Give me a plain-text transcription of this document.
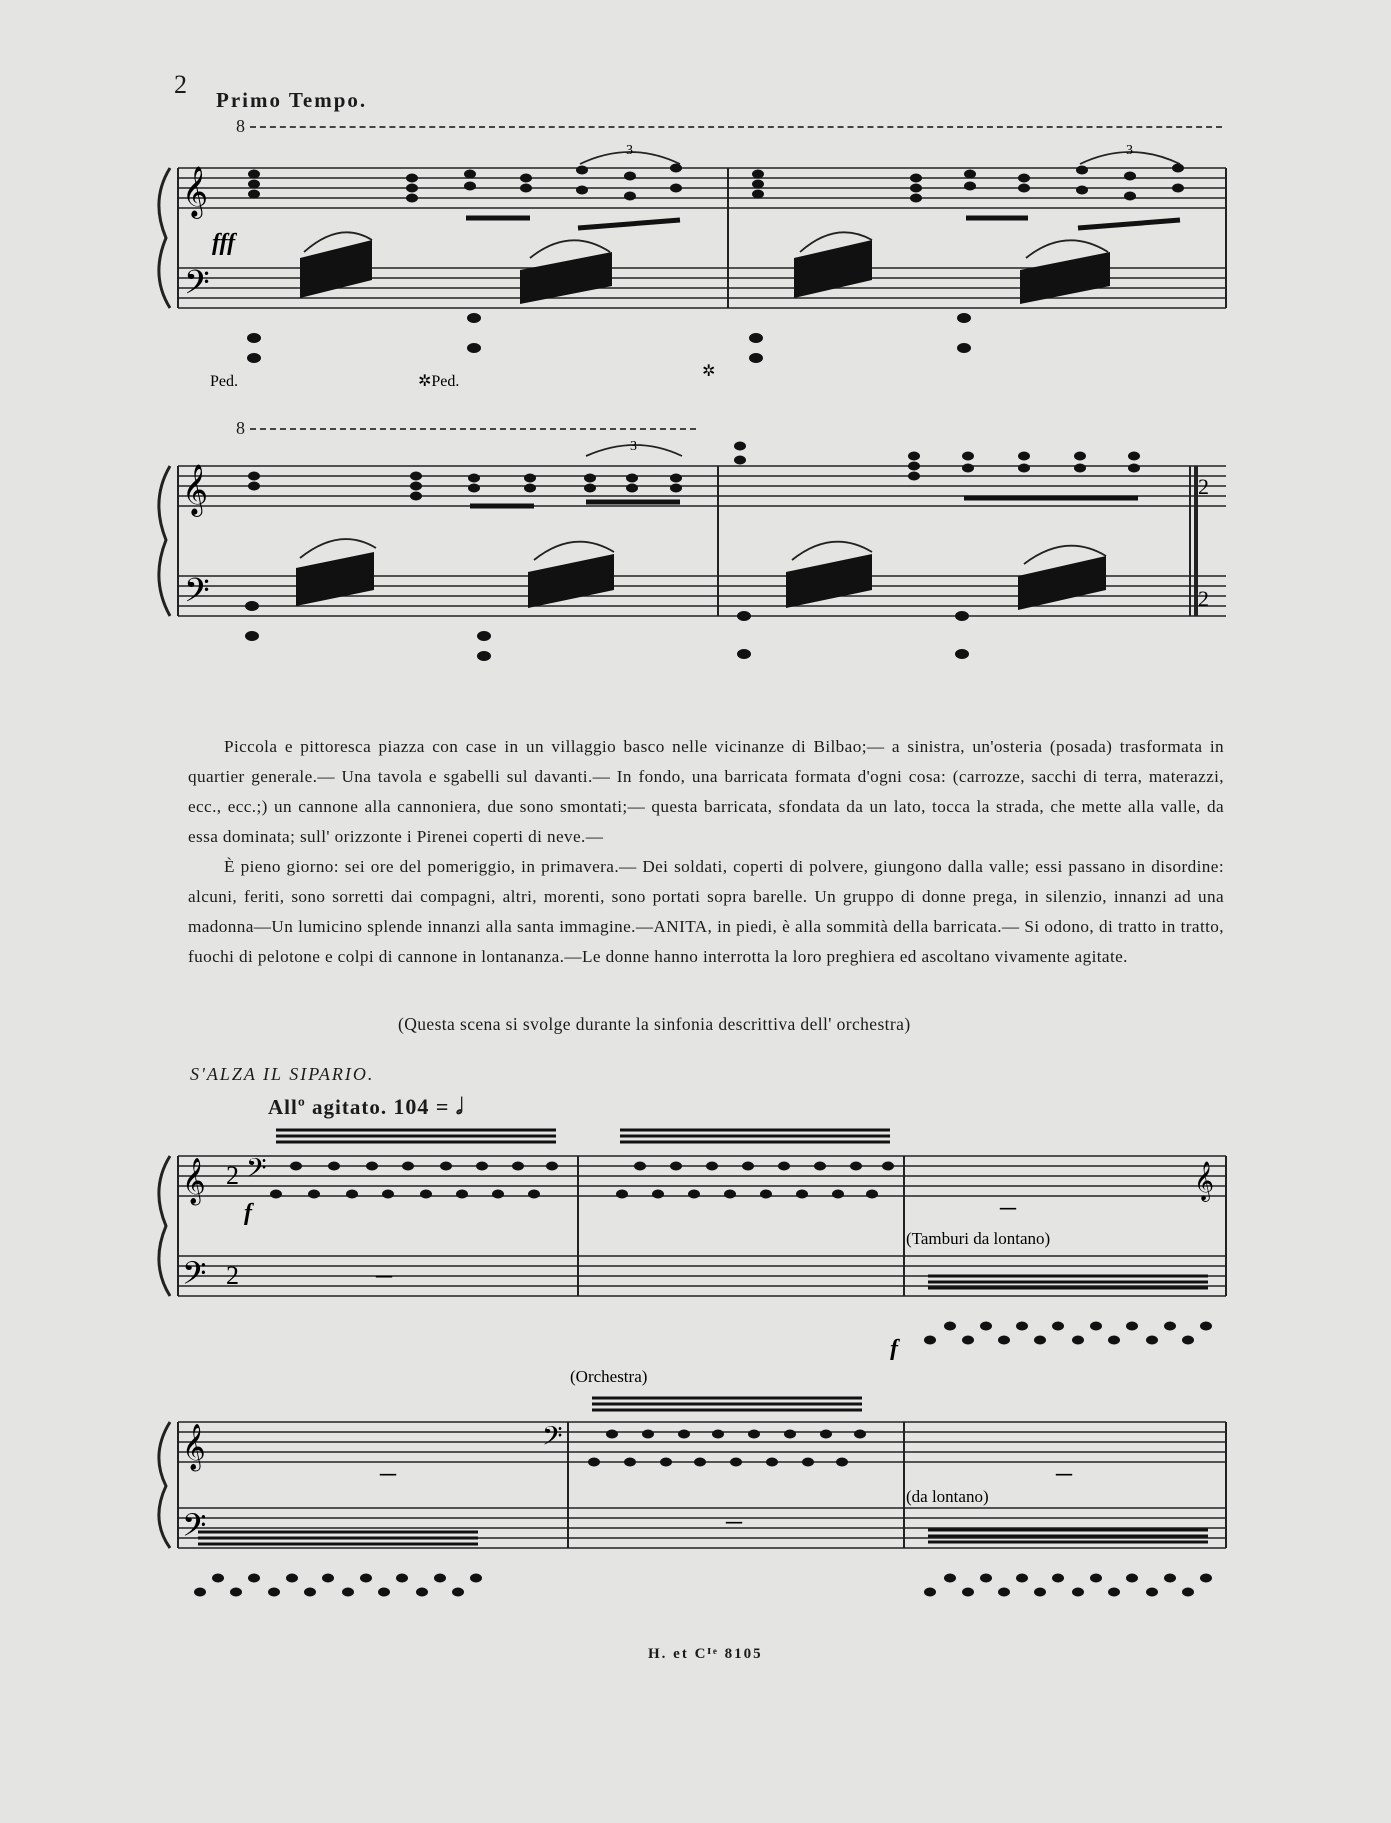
2
Primo Tempo.
8
8
𝄞
𝄢
fff
Ped.	✲Ped.
✲
3	3
𝄞
𝄢
2
2
3

Piccola e pittoresca piazza con case in un villaggio basco nelle vicinanze di Bilbao;— a sinistra, un'osteria (posada) trasformata in quartier generale.— Una tavola e sgabelli sul davanti.— In fondo, una barricata formata d'ogni cosa: (carrozze, sacchi di terra, materazzi, ecc., ecc.;) un cannone alla cannoniera, due sono smontati;— questa barricata, sfondata da un lato, tocca la strada, che mette alla valle, da essa dominata; sull' orizzonte i Pirenei coperti di neve.—

È pieno giorno: sei ore del pomeriggio, in primavera.— Dei soldati, coperti di polvere, giungono dalla valle; essi passano in disordine: alcuni, feriti, sono sorretti dai compagni, altri, morenti, sono portati sopra barelle. Un gruppo di donne prega, in silenzio, innanzi ad una madonna—Un lumicino splende innanzi alla santa immagine.—ANITA, in piedi, è alla sommità della barricata.— Si odono, di tratto in tratto, fuochi di pelotone e colpi di cannone in lontananza.—Le donne hanno interrotta la loro preghiera ed ascoltano vivamente agitate.

(Questa scena si svolge durante la sinfonia descrittiva dell' orchestra)
S'ALZA IL SIPARIO.
Allº agitato. 104 = 𝅗𝅥
𝄞
𝄢
2
2
𝄢	𝄞
–
–
f
f
(Tamburi da lontano)
𝄞
𝄢
𝄢
–	–
–
(Orchestra)
(da lontano)
H. et Cᴵᵉ 8105
